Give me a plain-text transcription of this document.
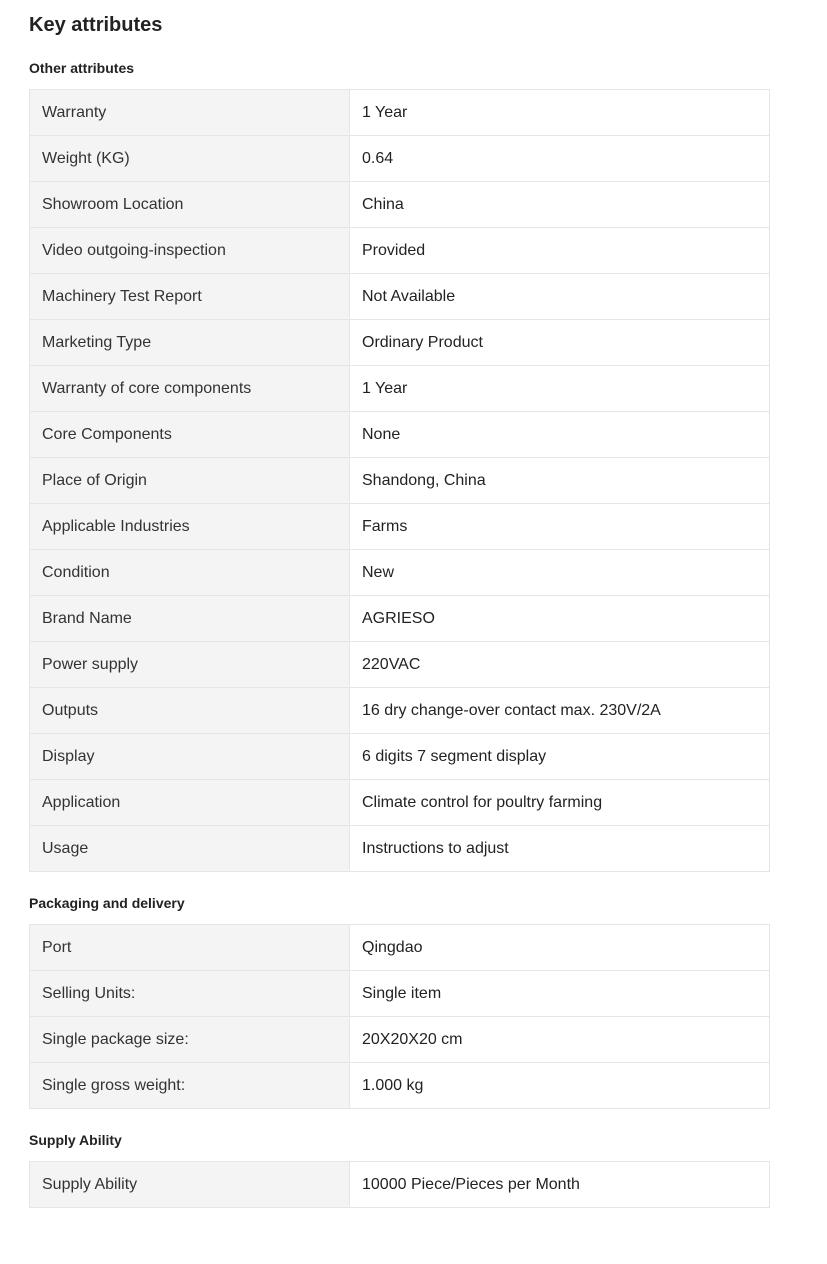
Key attributes
Other attributes
Warranty	1 Year
Weight (KG)	0.64
Showroom Location	China
Video outgoing-inspection	Provided
Machinery Test Report	Not Available
Marketing Type	Ordinary Product
Warranty of core components	1 Year
Core Components	None
Place of Origin	Shandong, China
Applicable Industries	Farms
Condition	New
Brand Name	AGRIESO
Power supply	220VAC
Outputs	16 dry change-over contact max. 230V/2A
Display	6 digits 7 segment display
Application	Climate control for poultry farming
Usage	Instructions to adjust
Packaging and delivery
Port	Qingdao
Selling Units:	Single item
Single package size:	20X20X20 cm
Single gross weight:	1.000 kg
Supply Ability
Supply Ability	10000 Piece/Pieces per Month
